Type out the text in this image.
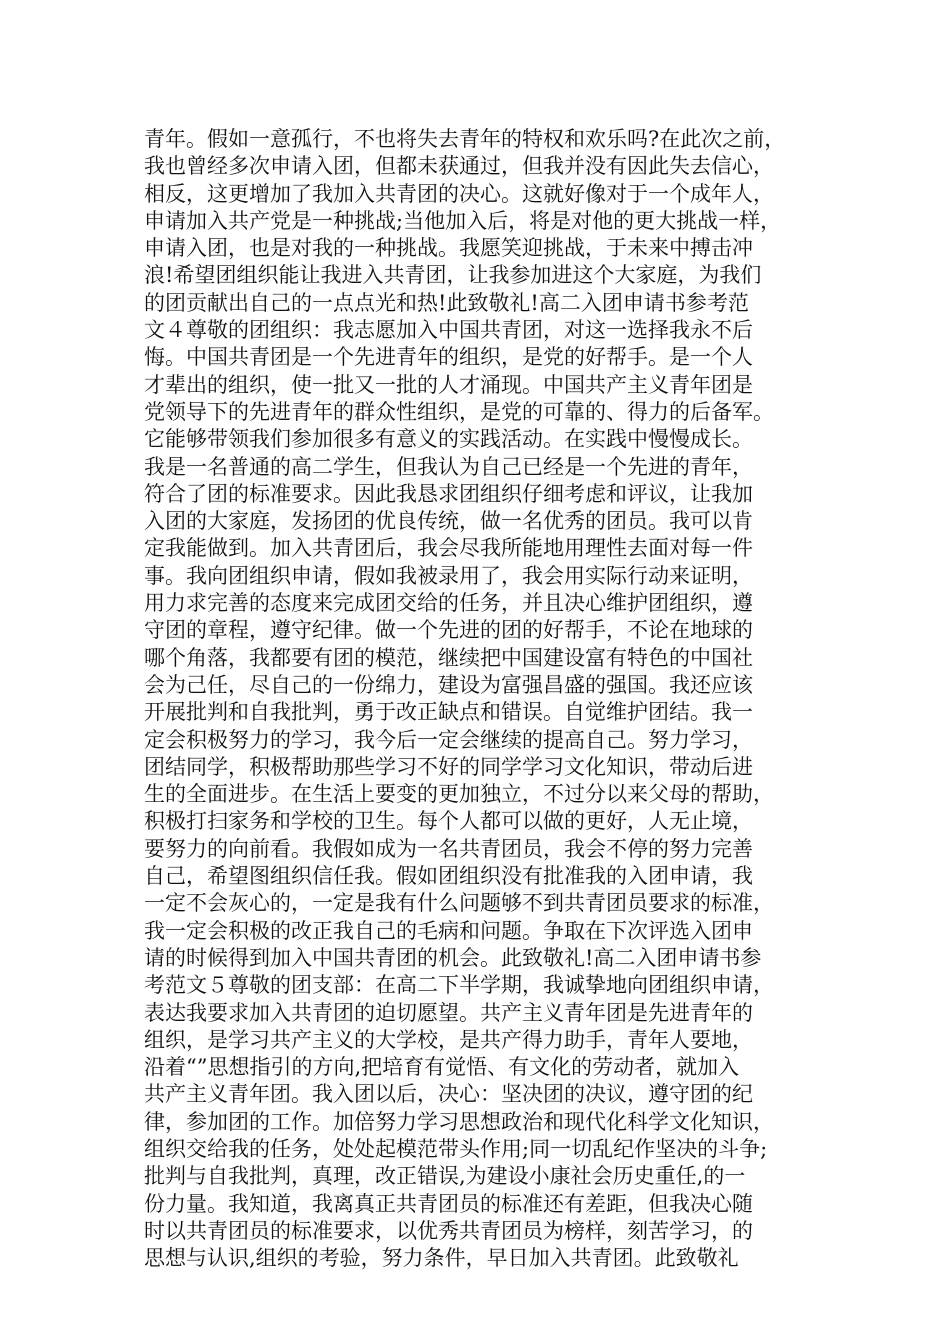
青年。假如一意孤行，不也将失去青年的特权和欢乐吗?在此次之前，
我也曾经多次申请入团，但都未获通过，但我并没有因此失去信心，
相反，这更增加了我加入共青团的决心。这就好像对于一个成年人，
申请加入共产党是一种挑战;当他加入后，将是对他的更大挑战一样，
申请入团，也是对我的一种挑战。我愿笑迎挑战，于未来中搏击冲
浪!希望团组织能让我进入共青团，让我参加进这个大家庭，为我们
的团贡献出自己的一点点光和热!此致敬礼!高二入团申请书参考范
文４尊敬的团组织：我志愿加入中国共青团，对这一选择我永不后
悔。中国共青团是一个先进青年的组织，是党的好帮手。是一个人
才辈出的组织，使一批又一批的人才涌现。中国共产主义青年团是
党领导下的先进青年的群众性组织，是党的可靠的、得力的后备军。
它能够带领我们参加很多有意义的实践活动。在实践中慢慢成长。
我是一名普通的高二学生，但我认为自己已经是一个先进的青年，
符合了团的标准要求。因此我恳求团组织仔细考虑和评议，让我加
入团的大家庭，发扬团的优良传统，做一名优秀的团员。我可以肯
定我能做到。加入共青团后，我会尽我所能地用理性去面对每一件
事。我向团组织申请，假如我被录用了，我会用实际行动来证明，
用力求完善的态度来完成团交给的任务，并且决心维护团组织，遵
守团的章程，遵守纪律。做一个先进的团的好帮手，不论在地球的
哪个角落，我都要有团的模范，继续把中国建设富有特色的中国社
会为己任，尽自己的一份绵力，建设为富强昌盛的强国。我还应该
开展批判和自我批判，勇于改正缺点和错误。自觉维护团结。我一
定会积极努力的学习，我今后一定会继续的提高自己。努力学习，
团结同学，积极帮助那些学习不好的同学学习文化知识，带动后进
生的全面进步。在生活上要变的更加独立，不过分以来父母的帮助，
积极打扫家务和学校的卫生。每个人都可以做的更好，人无止境，
要努力的向前看。我假如成为一名共青团员，我会不停的努力完善
自己，希望图组织信任我。假如团组织没有批准我的入团申请，我
一定不会灰心的，一定是我有什么问题够不到共青团员要求的标准，
我一定会积极的改正我自己的毛病和问题。争取在下次评选入团申
请的时候得到加入中国共青团的机会。此致敬礼!高二入团申请书参
考范文５尊敬的团支部：在高二下半学期，我诚挚地向团组织申请，
表达我要求加入共青团的迫切愿望。共产主义青年团是先进青年的
组织，是学习共产主义的大学校，是共产得力助手，青年人要地，
沿着“”思想指引的方向,把培育有觉悟、有文化的劳动者，就加入
共产主义青年团。我入团以后，决心：坚决团的决议，遵守团的纪
律，参加团的工作。加倍努力学习思想政治和现代化科学文化知识，
组织交给我的任务，处处起模范带头作用;同一切乱纪作坚决的斗争;
批判与自我批判，真理，改正错误,为建设小康社会历史重任,的一
份力量。我知道，我离真正共青团员的标准还有差距，但我决心随
时以共青团员的标准要求，以优秀共青团员为榜样，刻苦学习，的
思想与认识,组织的考验，努力条件，早日加入共青团。此致敬礼
